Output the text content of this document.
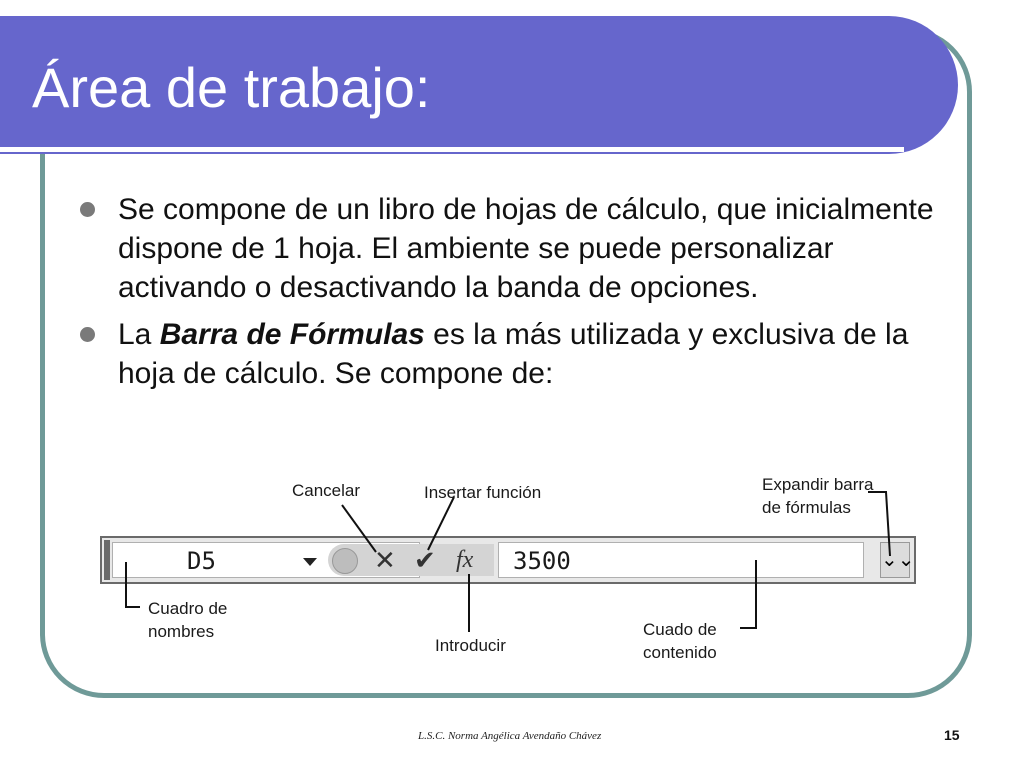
Área de trabajo:
Se compone de un libro de hojas de cálculo, que inicialmente dispone de 1 hoja. El ambiente se puede personalizar activando o desactivando la banda de opciones.
La Barra de Fórmulas es la más utilizada y exclusiva de la hoja de cálculo. Se compone de:
D5	✕ ✔ fx 3500	⌄⌄
Cancelar	Insertar función	Expandir barra
de fórmulas
Cuadro de
nombres
Introducir
Cuado de
contenido
L.S.C. Norma Angélica Avendaño Chávez	15
